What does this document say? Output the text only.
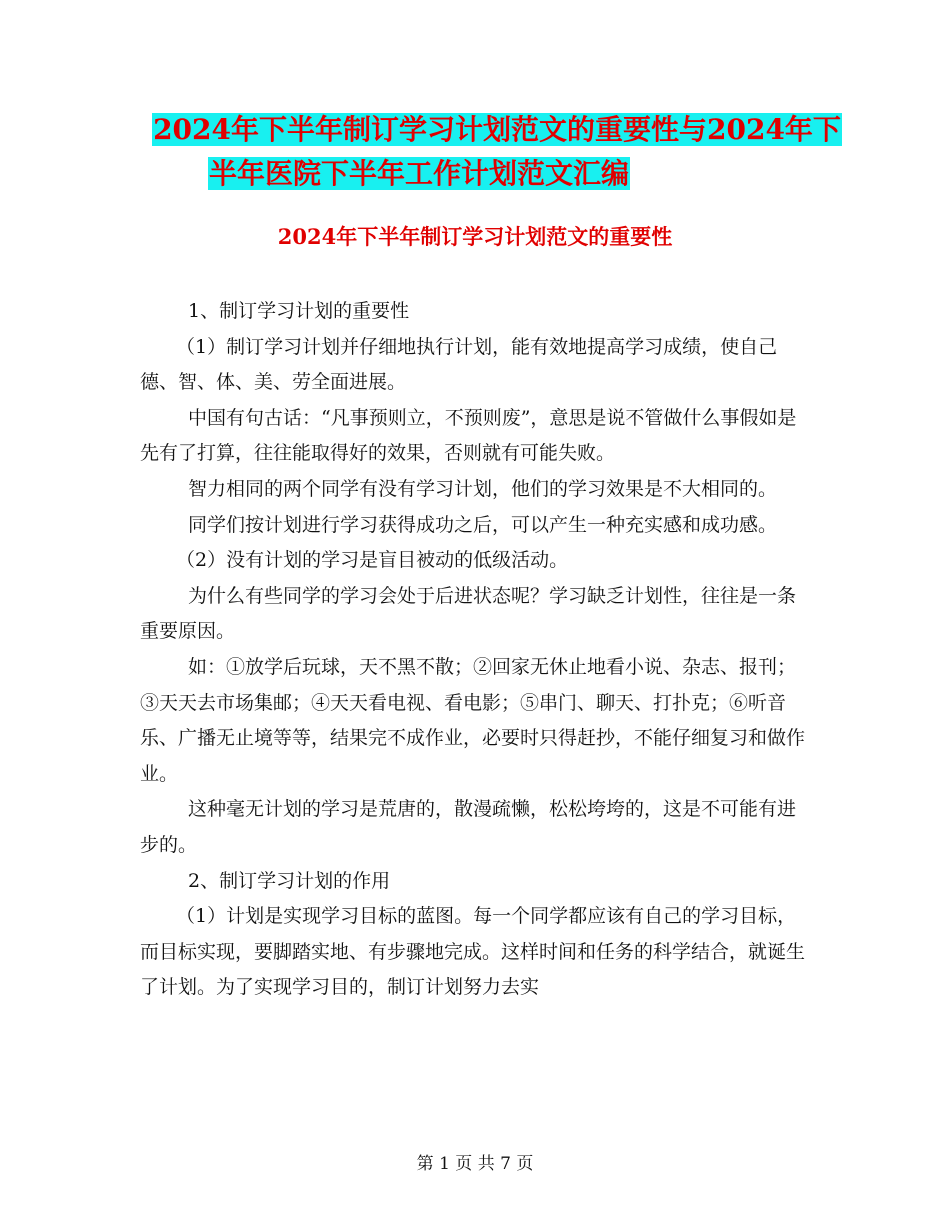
2024年下半年制订学习计划范文的重要性与2024年下
半年医院下半年工作计划范文汇编
2024年下半年制订学习计划范文的重要性

1、制订学习计划的重要性

（1）制订学习计划并仔细地执行计划，能有效地提高学习成绩，使自己德、智、体、美、劳全面进展。

中国有句古话：“凡事预则立，不预则废”，意思是说不管做什么事假如是先有了打算，往往能取得好的效果，否则就有可能失败。

智力相同的两个同学有没有学习计划，他们的学习效果是不大相同的。

同学们按计划进行学习获得成功之后，可以产生一种充实感和成功感。

（2）没有计划的学习是盲目被动的低级活动。

为什么有些同学的学习会处于后进状态呢？学习缺乏计划性，往往是一条重要原因。

如：①放学后玩球，天不黑不散；②回家无休止地看小说、杂志、报刊；③天天去市场集邮；④天天看电视、看电影；⑤串门、聊天、打扑克；⑥听音乐、广播无止境等等，结果完不成作业，必要时只得赶抄，不能仔细复习和做作业。

这种毫无计划的学习是荒唐的，散漫疏懒，松松垮垮的，这是不可能有进步的。

2、制订学习计划的作用

（1）计划是实现学习目标的蓝图。每一个同学都应该有自己的学习目标，而目标实现，要脚踏实地、有步骤地完成。这样时间和任务的科学结合，就诞生了计划。为了实现学习目的，制订计划努力去实

第 1 页 共 7 页
